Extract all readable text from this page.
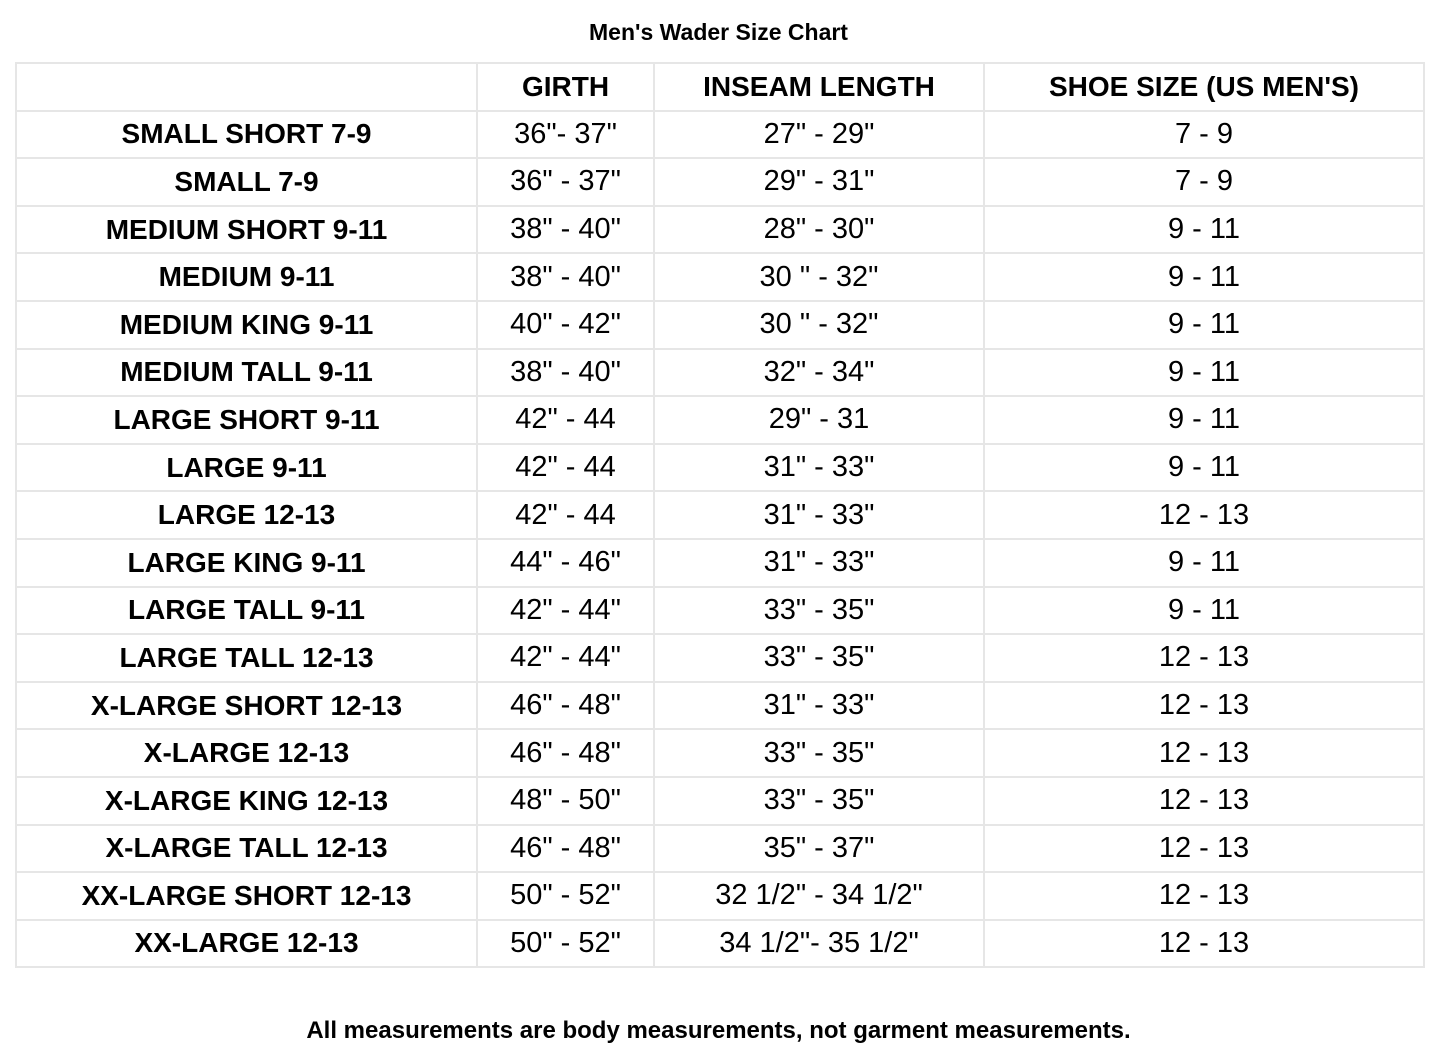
Men's Wader Size Chart
	GIRTH	INSEAM LENGTH	SHOE SIZE (US MEN'S)
SMALL SHORT 7-9	36"- 37"	27" - 29"	7 - 9
SMALL 7-9	36" - 37"	29" - 31"	7 - 9
MEDIUM SHORT 9-11	38" - 40"	28" - 30"	9 - 11
MEDIUM 9-11	38" - 40"	30 " - 32"	9 - 11
MEDIUM KING 9-11	40" - 42"	30 " - 32"	9 - 11
MEDIUM TALL 9-11	38" - 40"	32" - 34"	9 - 11
LARGE SHORT 9-11	42" - 44	29" - 31	9 - 11
LARGE 9-11	42" - 44	31" - 33"	9 - 11
LARGE 12-13	42" - 44	31" - 33"	12 - 13
LARGE KING 9-11	44" - 46"	31" - 33"	9 - 11
LARGE TALL 9-11	42" - 44"	33" - 35"	9 - 11
LARGE TALL 12-13	42" - 44"	33" - 35"	12 - 13
X-LARGE SHORT 12-13	46" - 48"	31" - 33"	12 - 13
X-LARGE 12-13	46" - 48"	33" - 35"	12 - 13
X-LARGE KING 12-13	48" - 50"	33" - 35"	12 - 13
X-LARGE TALL 12-13	46" - 48"	35" - 37"	12 - 13
XX-LARGE SHORT 12-13	50" - 52"	32 1/2" - 34 1/2"	12 - 13
XX-LARGE 12-13	50" - 52"	34 1/2"- 35 1/2"	12 - 13
All measurements are body measurements, not garment measurements.
